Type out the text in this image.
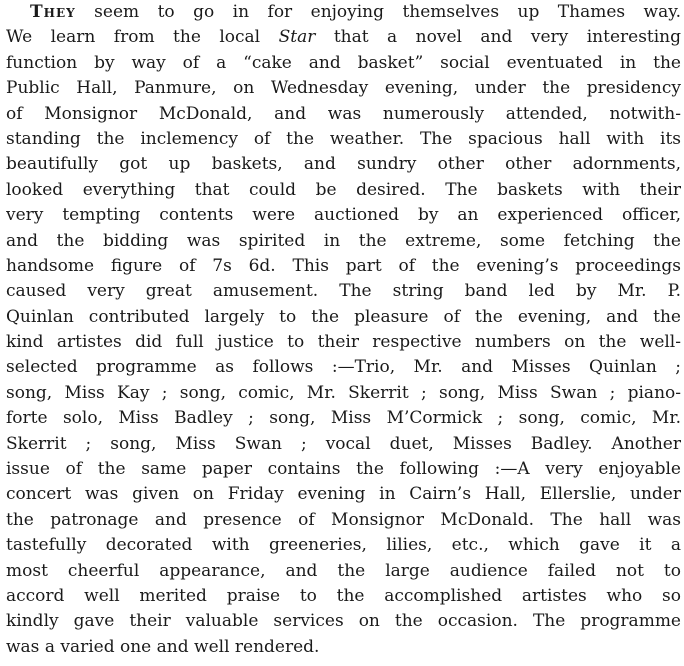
They seem to go in for enjoying themselves up Thames way.
We learn from the local Star that a novel and very interesting
function by way of a “cake and basket” social eventuated in the
Public Hall, Panmure, on Wednesday evening, under the presidency
of Monsignor McDonald, and was numerously attended, notwith-
standing the inclemency of the weather. The spacious hall with its
beautifully got up baskets, and sundry other other adornments,
looked everything that could be desired. The baskets with their
very tempting contents were auctioned by an experienced officer,
and the bidding was spirited in the extreme, some fetching the
handsome figure of 7s 6d. This part of the evening’s proceedings
caused very great amusement. The string band led by Mr. P.
Quinlan contributed largely to the pleasure of the evening, and the
kind artistes did full justice to their respective numbers on the well-
selected programme as follows :—Trio, Mr. and Misses Quinlan ;
song, Miss Kay ; song, comic, Mr. Skerrit ; song, Miss Swan ; piano-
forte solo, Miss Badley ; song, Miss M’Cormick ; song, comic, Mr.
Skerrit ; song, Miss Swan ; vocal duet, Misses Badley. Another
issue of the same paper contains the following :—A very enjoyable
concert was given on Friday evening in Cairn’s Hall, Ellerslie, under
the patronage and presence of Monsignor McDonald. The hall was
tastefully decorated with greeneries, lilies, etc., which gave it a
most cheerful appearance, and the large audience failed not to
accord well merited praise to the accomplished artistes who so
kindly gave their valuable services on the occasion. The programme
was a varied one and well rendered.
